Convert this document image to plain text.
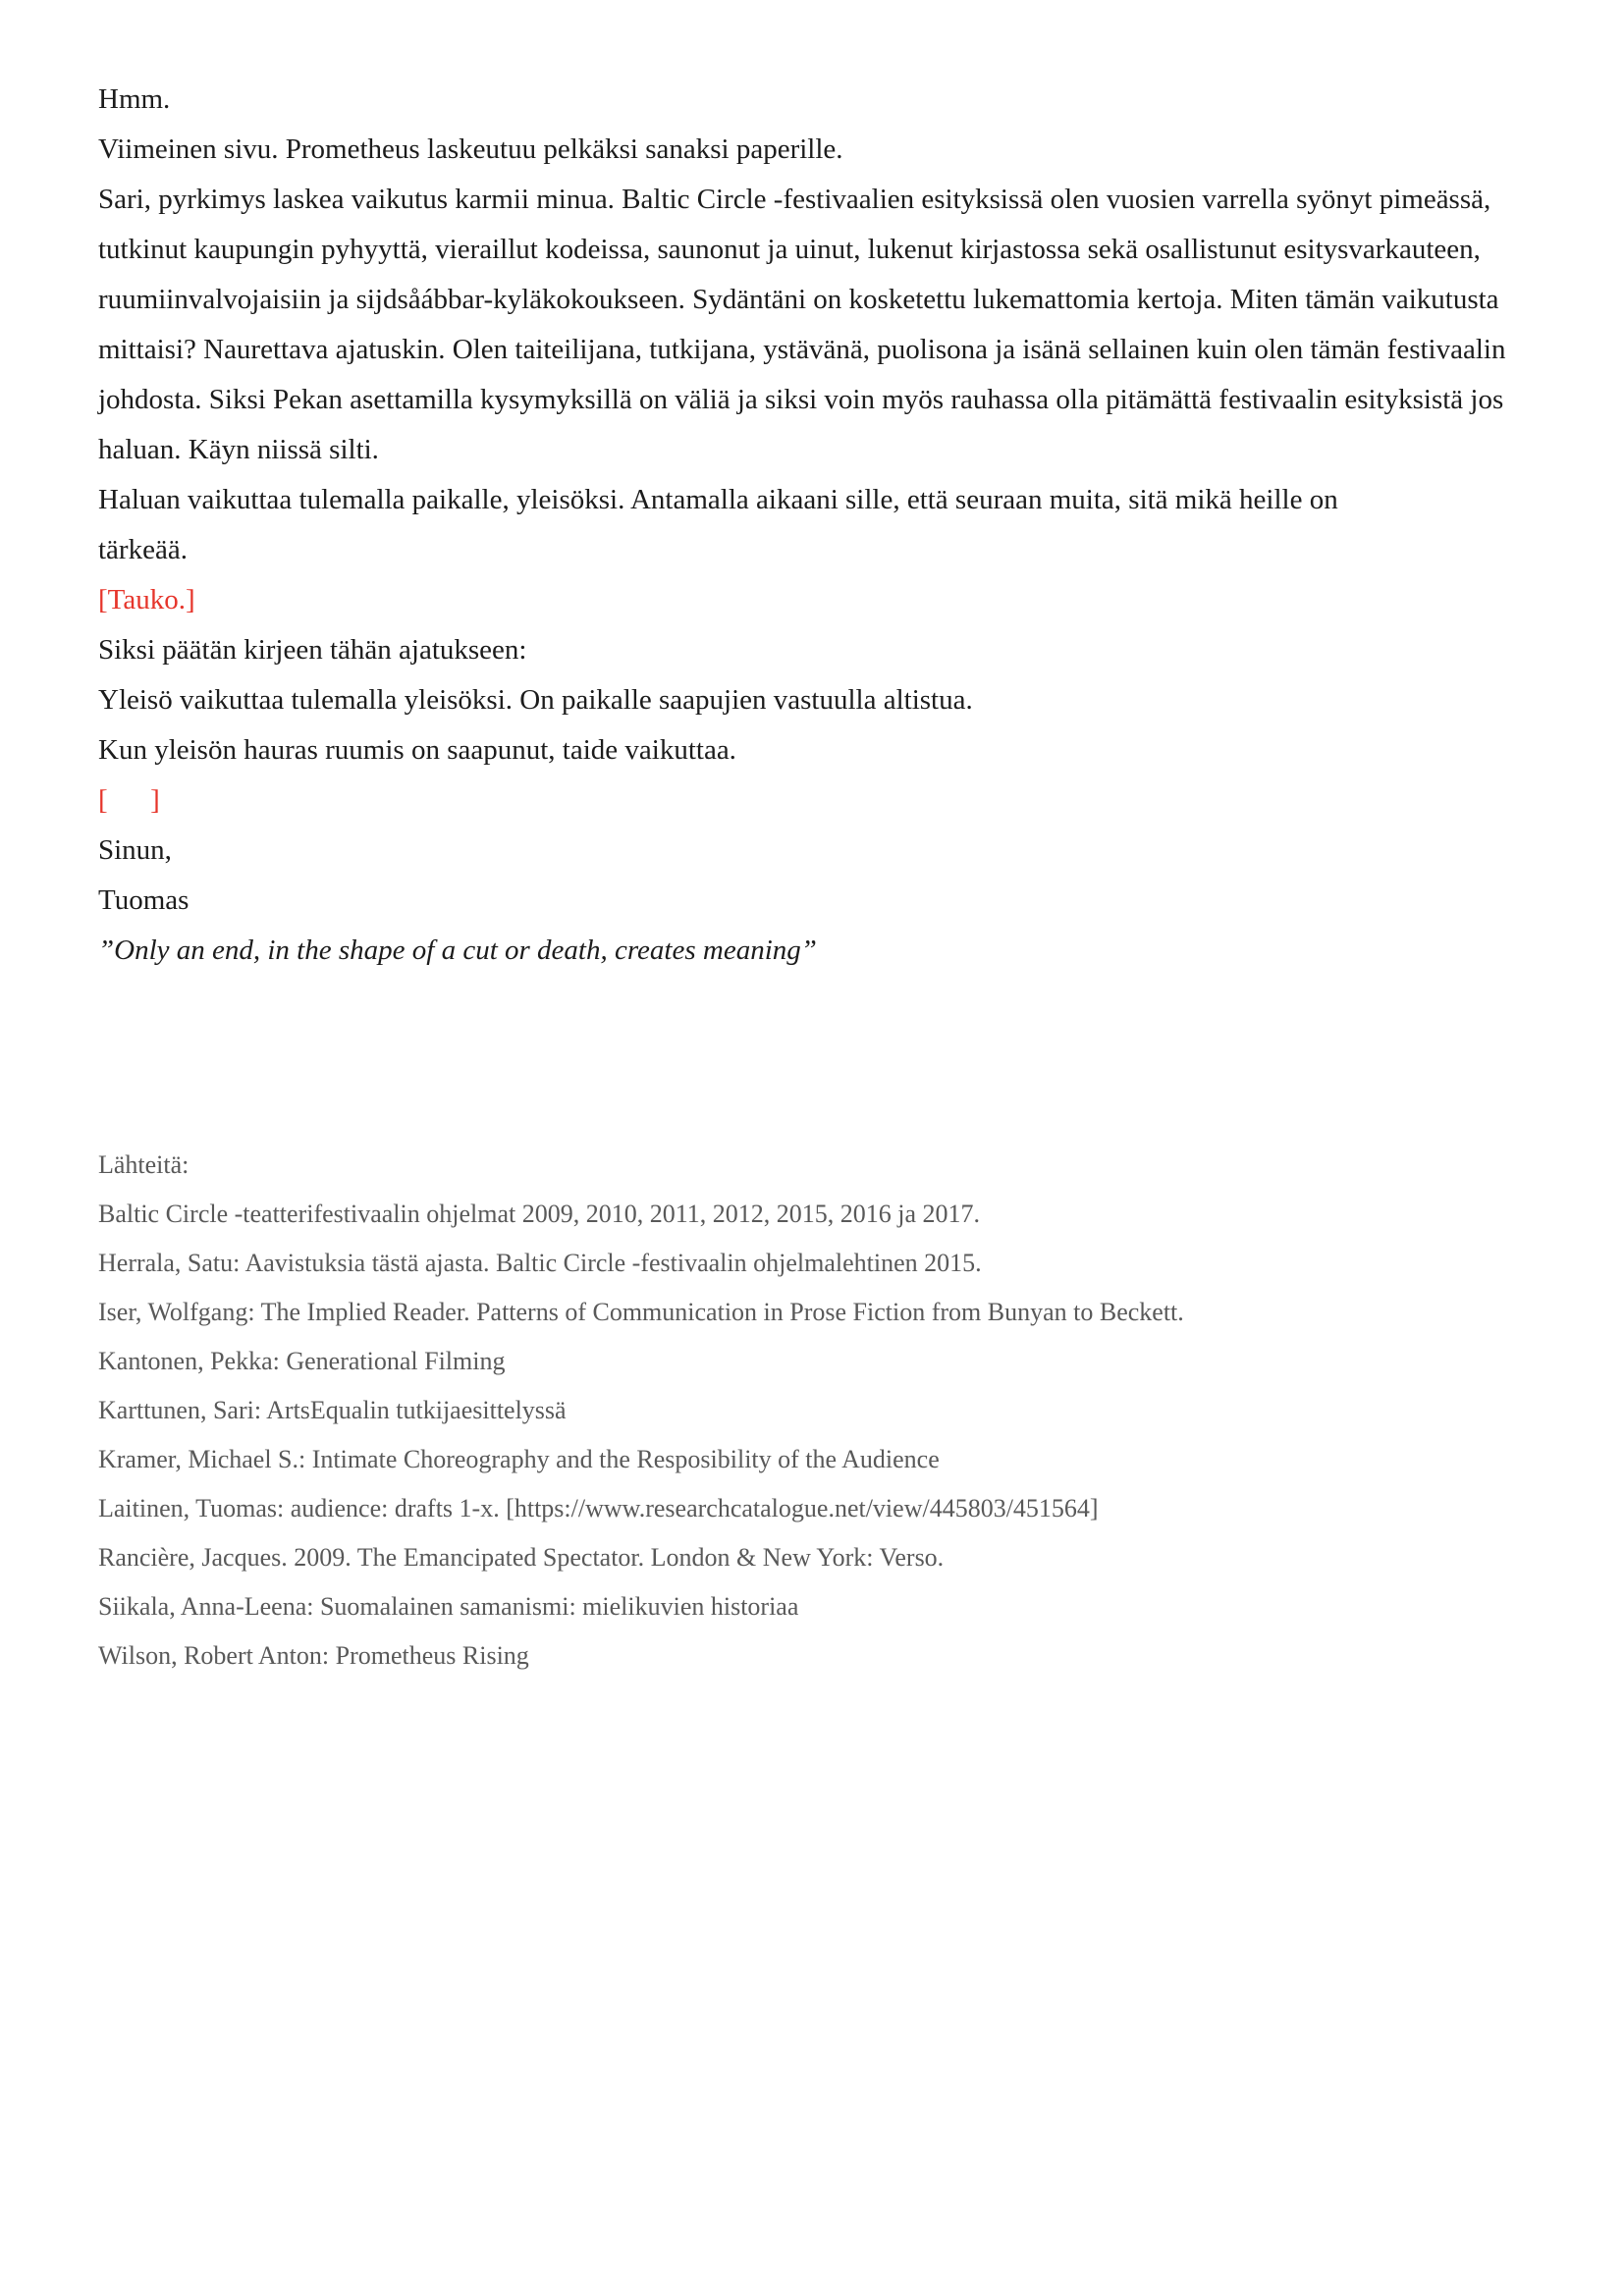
Hmm.

Viimeinen sivu. Prometheus laskeutuu pelkäksi sanaksi paperille.

Sari, pyrkimys laskea vaikutus karmii minua. Baltic Circle -festivaalien esityksissä olen vuosien varrella syönyt pimeässä, tutkinut kaupungin pyhyyttä, vieraillut kodeissa, saunonut ja uinut, lukenut kirjastossa sekä osallistunut esitysvarkauteen, ruumiinvalvojaisiin ja sijdsåábbar-kyläkokoukseen. Sydäntäni on kosketettu lukemattomia kertoja. Miten tämän vaikutusta mittaisi? Naurettava ajatuskin. Olen taiteilijana, tutkijana, ystävänä, puolisona ja isänä sellainen kuin olen tämän festivaalin johdosta. Siksi Pekan asettamilla kysymyksillä on väliä ja siksi voin myös rauhassa olla pitämättä festivaalin esityksistä jos haluan. Käyn niissä silti.

Haluan vaikuttaa tulemalla paikalle, yleisöksi. Antamalla aikaani sille, että seuraan muita, sitä mikä heille on tärkeää.

[Tauko.]

Siksi päätän kirjeen tähän ajatukseen:

Yleisö vaikuttaa tulemalla yleisöksi. On paikalle saapujien vastuulla altistua.

Kun yleisön hauras ruumis on saapunut, taide vaikuttaa.

[      ]

Sinun,

Tuomas

”Only an end, in the shape of a cut or death, creates meaning”

Lähteitä:

Baltic Circle -teatterifestivaalin ohjelmat 2009, 2010, 2011, 2012, 2015, 2016 ja 2017.

Herrala, Satu: Aavistuksia tästä ajasta. Baltic Circle -festivaalin ohjelmalehtinen 2015.

Iser, Wolfgang: The Implied Reader. Patterns of Communication in Prose Fiction from Bunyan to Beckett.

Kantonen, Pekka: Generational Filming

Karttunen, Sari: ArtsEqualin tutkijaesittelyssä

Kramer, Michael S.: Intimate Choreography and the Resposibility of the Audience

Laitinen, Tuomas: audience: drafts 1-x. [https://www.researchcatalogue.net/view/445803/451564]

Rancière, Jacques. 2009. The Emancipated Spectator. London & New York: Verso.

Siikala, Anna-Leena: Suomalainen samanismi: mielikuvien historiaa

Wilson, Robert Anton: Prometheus Rising
